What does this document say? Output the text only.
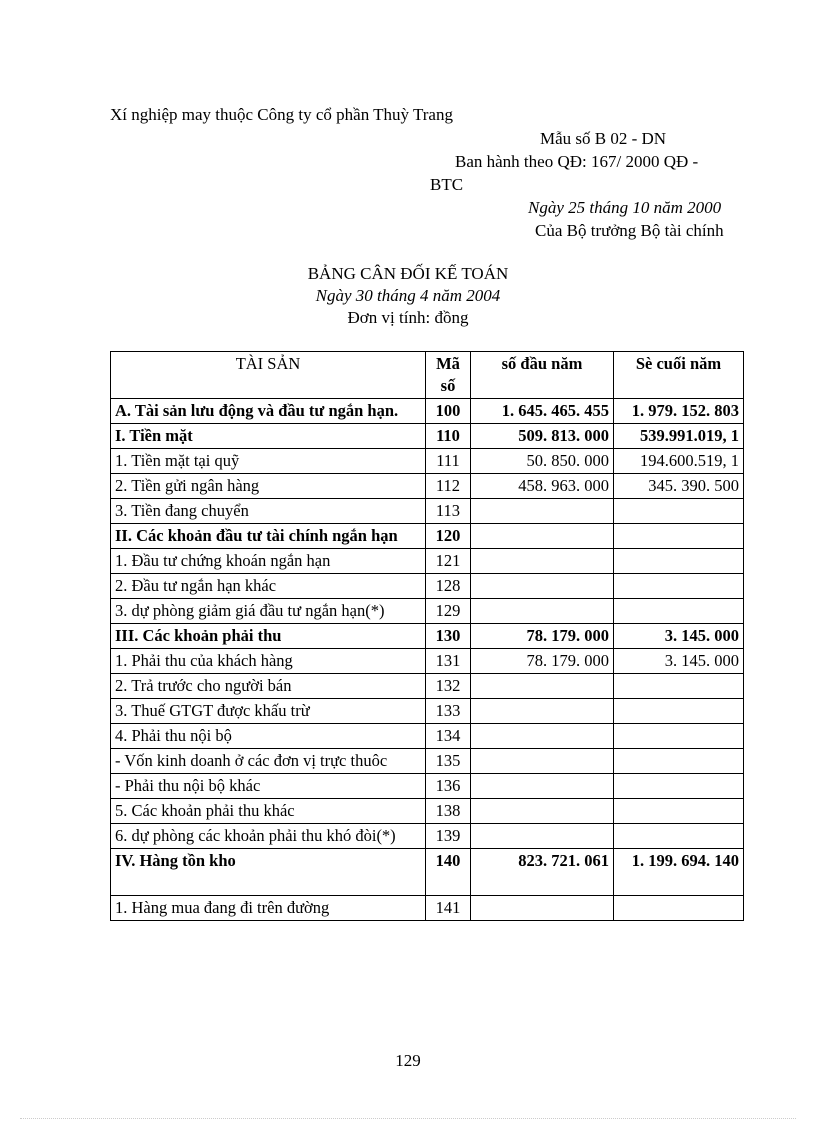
Xí nghiệp may thuộc Công ty cổ phần Thuỳ Trang
Mẫu số B 02 - DN
Ban hành theo QĐ: 167/ 2000 QĐ -
BTC
Ngày 25 tháng 10 năm 2000
Của Bộ trưởng Bộ tài chính
BẢNG CÂN ĐỐI KẾ TOÁN
Ngày 30 tháng 4 năm 2004
Đơn vị tính: đồng
TÀI SẢN	Mã số	số đầu năm	Sè cuối năm
A. Tài sản lưu động và đầu tư ngắn hạn.	100	1. 645. 465. 455	1. 979. 152. 803
I. Tiền mặt	110	509. 813. 000	539.991.019, 1
1. Tiền mặt tại quỹ	111	50. 850. 000	194.600.519, 1
2. Tiền gửi ngân hàng	112	458. 963. 000	345. 390. 500
3. Tiền đang chuyển	113		
II. Các khoản đầu tư tài chính ngắn hạn	120		
1. Đầu tư chứng khoán ngắn hạn	121		
2. Đầu tư ngắn hạn khác	128		
3. dự phòng giảm giá đầu tư ngắn hạn(*)	129		
III. Các khoản phải thu	130	78. 179. 000	3. 145. 000
1. Phải thu của khách hàng	131	78. 179. 000	3. 145. 000
2. Trả trước cho người bán	132		
3. Thuế GTGT được khấu trừ	133		
4. Phải thu nội bộ	134		
- Vốn kinh doanh ở các đơn vị trực thuôc	135		
- Phải thu nội bộ khác	136		
5. Các khoản phải thu khác	138		
6. dự phòng các khoản phải thu khó đòi(*)	139		
IV. Hàng tồn kho	140	823. 721. 061	1. 199. 694. 140
1. Hàng mua đang đi trên đường	141		
129
